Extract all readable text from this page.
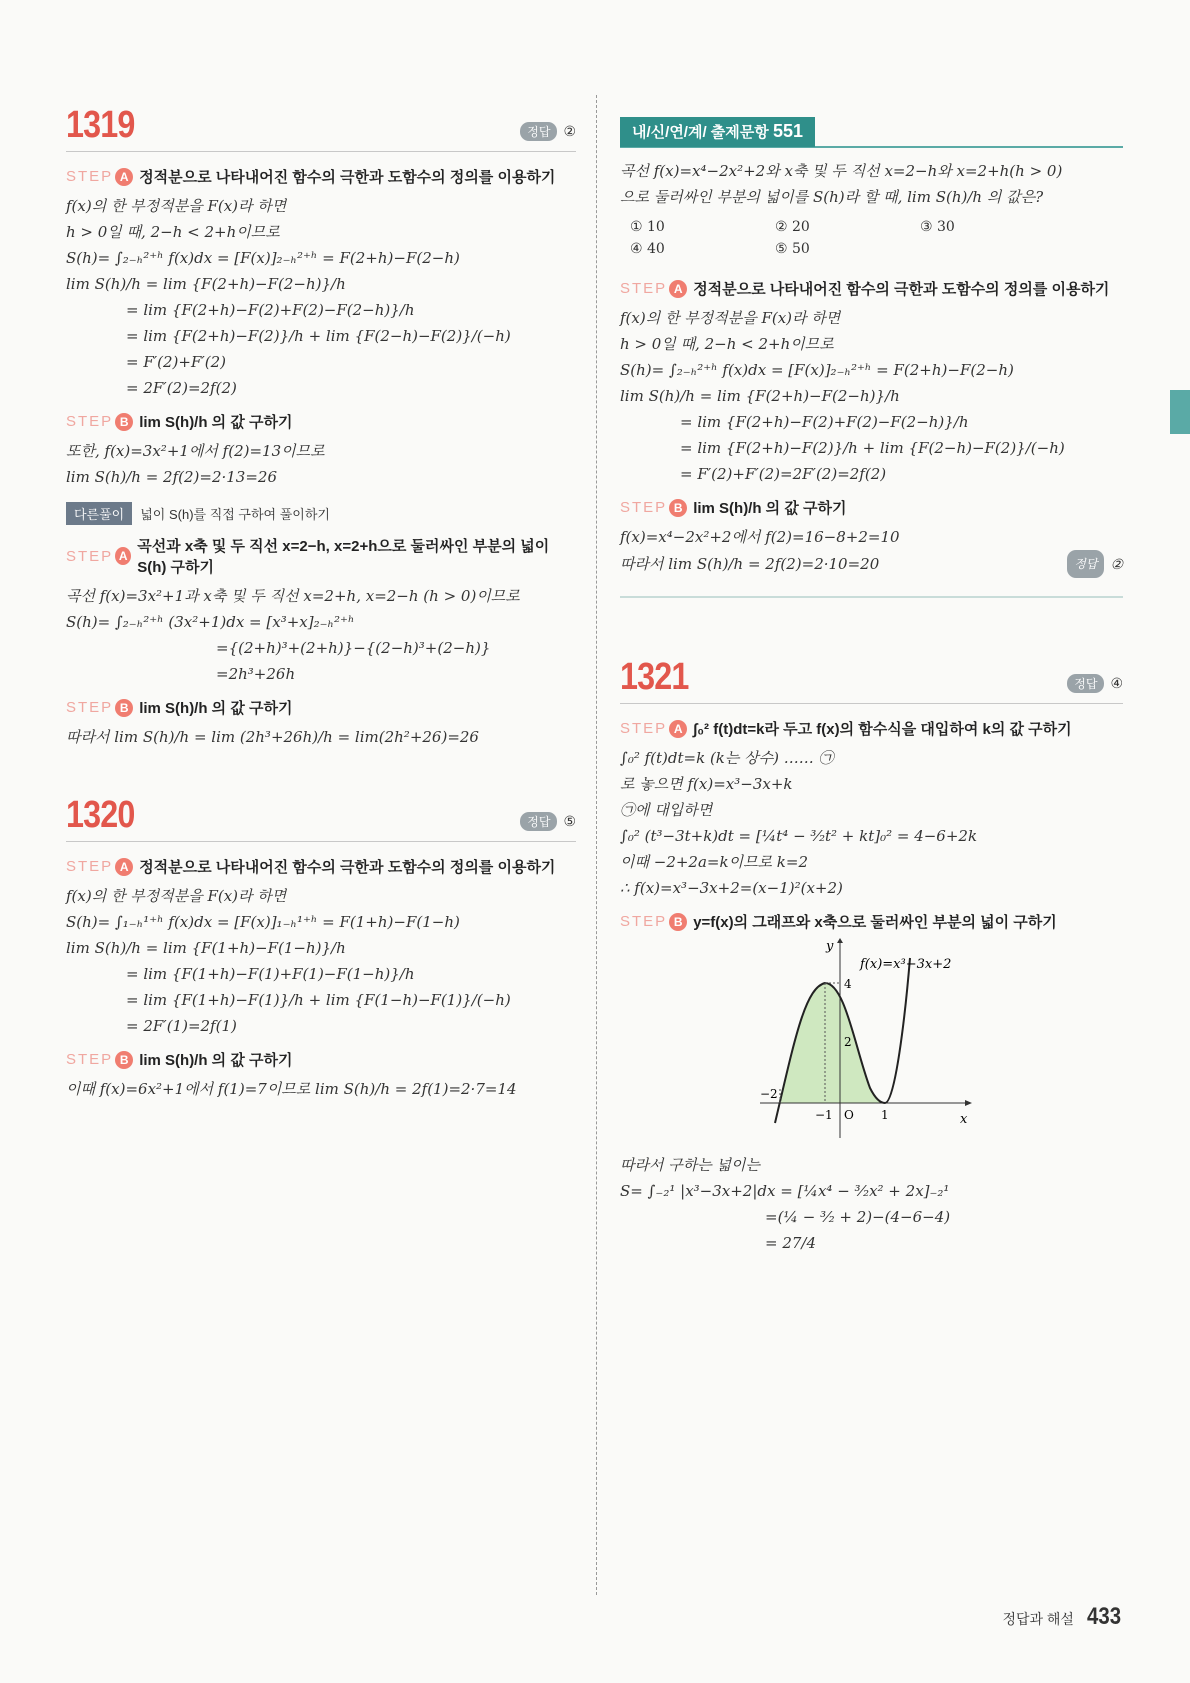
1319	정답 ②
STEP A 정적분으로 나타내어진 함수의 극한과 도함수의 정의를 이용하기
f(x)의 한 부정적분을 F(x)라 하면
h > 0일 때, 2−h < 2+h이므로
S(h)= ∫₂₋ₕ²⁺ʰ f(x)dx = [F(x)]₂₋ₕ²⁺ʰ = F(2+h)−F(2−h)
lim S(h)/h = lim {F(2+h)−F(2−h)}/h
= lim {F(2+h)−F(2)+F(2)−F(2−h)}/h
= lim {F(2+h)−F(2)}/h + lim {F(2−h)−F(2)}/(−h)
= F′(2)+F′(2)
= 2F′(2)=2f(2)
STEP B lim S(h)/h 의 값 구하기
또한, f(x)=3x²+1에서 f(2)=13이므로
lim S(h)/h = 2f(2)=2·13=26
다른풀이	넓이 S(h)를 직접 구하여 풀이하기
STEP A
곡선과 x축 및 두 직선 x=2−h, x=2+h으로 둘러싸인 부분의 넓이 S(h) 구하기
곡선 f(x)=3x²+1과 x축 및 두 직선 x=2+h, x=2−h (h > 0)이므로
S(h)= ∫₂₋ₕ²⁺ʰ (3x²+1)dx = [x³+x]₂₋ₕ²⁺ʰ
={(2+h)³+(2+h)}−{(2−h)³+(2−h)}
=2h³+26h
STEP B lim S(h)/h 의 값 구하기
따라서 lim S(h)/h = lim (2h³+26h)/h = lim(2h²+26)=26
1320	정답 ⑤
STEP A 정적분으로 나타내어진 함수의 극한과 도함수의 정의를 이용하기
f(x)의 한 부정적분을 F(x)라 하면
S(h)= ∫₁₋ₕ¹⁺ʰ f(x)dx = [F(x)]₁₋ₕ¹⁺ʰ = F(1+h)−F(1−h)
lim S(h)/h = lim {F(1+h)−F(1−h)}/h
= lim {F(1+h)−F(1)+F(1)−F(1−h)}/h
= lim {F(1+h)−F(1)}/h + lim {F(1−h)−F(1)}/(−h)
= 2F′(1)=2f(1)
STEP B lim S(h)/h 의 값 구하기
이때 f(x)=6x²+1에서 f(1)=7이므로 lim S(h)/h = 2f(1)=2·7=14
내/신/연/계/ 출제문항 551
곡선 f(x)=x⁴−2x²+2와 x축 및 두 직선 x=2−h와 x=2+h(h > 0)
으로 둘러싸인 부분의 넓이를 S(h)라 할 때, lim S(h)/h 의 값은?
① 10	② 20	③ 30
④ 40	⑤ 50
STEP A 정적분으로 나타내어진 함수의 극한과 도함수의 정의를 이용하기
f(x)의 한 부정적분을 F(x)라 하면
h > 0일 때, 2−h < 2+h이므로
S(h)= ∫₂₋ₕ²⁺ʰ f(x)dx = [F(x)]₂₋ₕ²⁺ʰ = F(2+h)−F(2−h)
lim S(h)/h = lim {F(2+h)−F(2−h)}/h
= lim {F(2+h)−F(2)+F(2)−F(2−h)}/h
= lim {F(2+h)−F(2)}/h + lim {F(2−h)−F(2)}/(−h)
= F′(2)+F′(2)=2F′(2)=2f(2)
STEP B lim S(h)/h 의 값 구하기
f(x)=x⁴−2x²+2에서 f(2)=16−8+2=10
따라서 lim S(h)/h = 2f(2)=2·10=20	정답 ②
1321	정답 ④
STEP A ∫₀² f(t)dt=k라 두고 f(x)의 함수식을 대입하여 k의 값 구하기
∫₀² f(t)dt=k (k는 상수) …… ㉠
로 놓으면 f(x)=x³−3x+k
㉠에 대입하면
∫₀² (t³−3t+k)dt = [¼t⁴ − ³⁄₂t² + kt]₀² = 4−6+2k
이때 −2+2a=k이므로 k=2
∴ f(x)=x³−3x+2=(x−1)²(x+2)
STEP B y=f(x)의 그래프와 x축으로 둘러싸인 부분의 넓이 구하기
f(x)=x³−3x+2
y
x
O
−2
−1	1
4
2
따라서 구하는 넓이는
S= ∫₋₂¹ |x³−3x+2|dx = [¼x⁴ − ³⁄₂x² + 2x]₋₂¹
=(¼ − ³⁄₂ + 2)−(4−6−4)
= 27/4
정답과 해설 433
